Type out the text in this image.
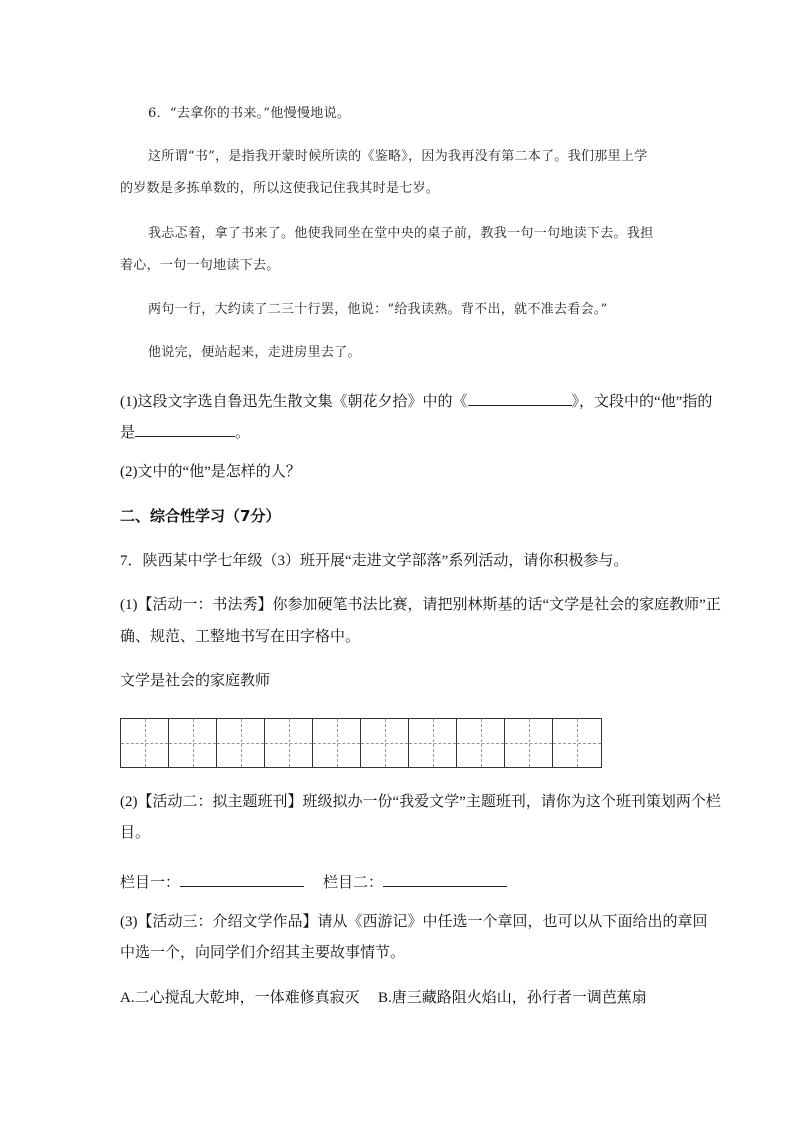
6．“去拿你的书来。”他慢慢地说。
这所谓“书”，是指我开蒙时候所读的《鉴略》，因为我再没有第二本了。我们那里上学
的岁数是多拣单数的，所以这使我记住我其时是七岁。
我忐忑着，拿了书来了。他使我同坐在堂中央的桌子前，教我一句一句地读下去。我担
着心，一句一句地读下去。
两句一行，大约读了二三十行罢，他说：“给我读熟。背不出，就不准去看会。”
他说完，便站起来，走进房里去了。
(1)这段文字选自鲁迅先生散文集《朝花夕拾》中的《	》，文段中的“他”指的
是	。
(2)文中的“他”是怎样的人？
二、综合性学习（7分）
7．陕西某中学七年级（3）班开展“走进文学部落”系列活动，请你积极参与。
(1)【活动一：书法秀】你参加硬笔书法比赛，请把别林斯基的话“文学是社会的家庭教师”正
确、规范、工整地书写在田字格中。
文学是社会的家庭教师
(2)【活动二：拟主题班刊】班级拟办一份“我爱文学”主题班刊，请你为这个班刊策划两个栏
目。
栏目一：	栏目二：
(3)【活动三：介绍文学作品】请从《西游记》中任选一个章回，也可以从下面给出的章回
中选一个，向同学们介绍其主要故事情节。
A.二心搅乱大乾坤，一体难修真寂灭 B.唐三藏路阻火焰山，孙行者一调芭蕉扇
